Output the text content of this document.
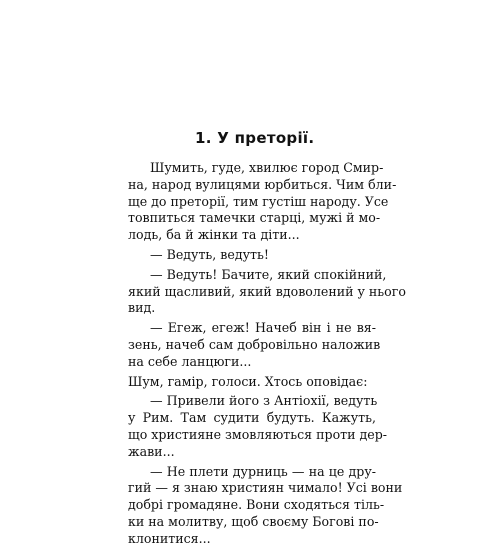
1. У преторії.
Шумить, гуде, хвилює город Смир-
на, народ вулицями юрбиться. Чим бли-
ще до преторії, тим густіш народу. Усе
товпиться тамечки старці, мужі й мо-
лодь, ба й жінки та діти...
— Ведуть, ведуть!
— Ведуть! Бачите, який спокійний,
який щасливий, який вдоволений у нього
вид.
— Егеж, егеж! Начеб він і не вя-
зень, начеб сам добровільно наложив
на себе ланцюги...
Шум, гамір, голоси. Хтось оповідає:
— Привели його з Антіохії, ведуть
у Рим. Там судити будуть. Кажуть,
що християне змовляються проти дер-
жави...
— Не плети дурниць — на це дру-
гий — я знаю християн чимало! Усі вони
добрі громадяне. Вони сходяться тіль-
ки на молитву, щоб своєму Богові по-
клонитися...
